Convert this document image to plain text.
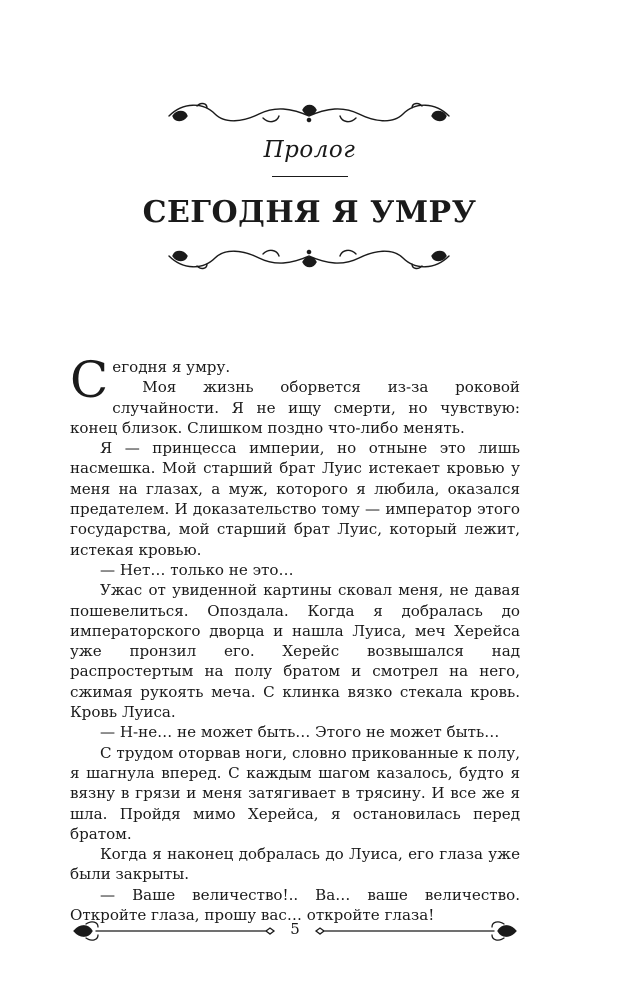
Пролог
СЕГОДНЯ Я УМРУ

Сегодня я умру.

Моя жизнь оборвется из-за роковой случайности. Я не ищу смерти, но чувствую: конец близок. Слишком поздно что-либо менять.

Я — принцесса империи, но отныне это лишь насмешка. Мой старший брат Луис истекает кровью у меня на глазах, а муж, которого я любила, оказался предателем. И доказательство тому — император этого государства, мой старший брат Луис, который лежит, истекая кровью.

— Нет… только не это…

Ужас от увиденной картины сковал меня, не давая пошевелиться. Опоздала. Когда я добралась до императорского дворца и нашла Луиса, меч Херейса уже пронзил его. Херейс возвышался над распростертым на полу братом и смотрел на него, сжимая рукоять меча. С клинка вязко стекала кровь. Кровь Луиса.

— Н-не… не может быть… Этого не может быть…

С трудом оторвав ноги, словно прикованные к полу, я шагнула вперед. С каждым шагом казалось, будто я вязну в грязи и меня затягивает в трясину. И все же я шла. Пройдя мимо Херейса, я остановилась перед братом.

Когда я наконец добралась до Луиса, его глаза уже были закрыты.

— Ваше величество!.. Ва… ваше величество. Откройте глаза, прошу вас… откройте глаза!

5
